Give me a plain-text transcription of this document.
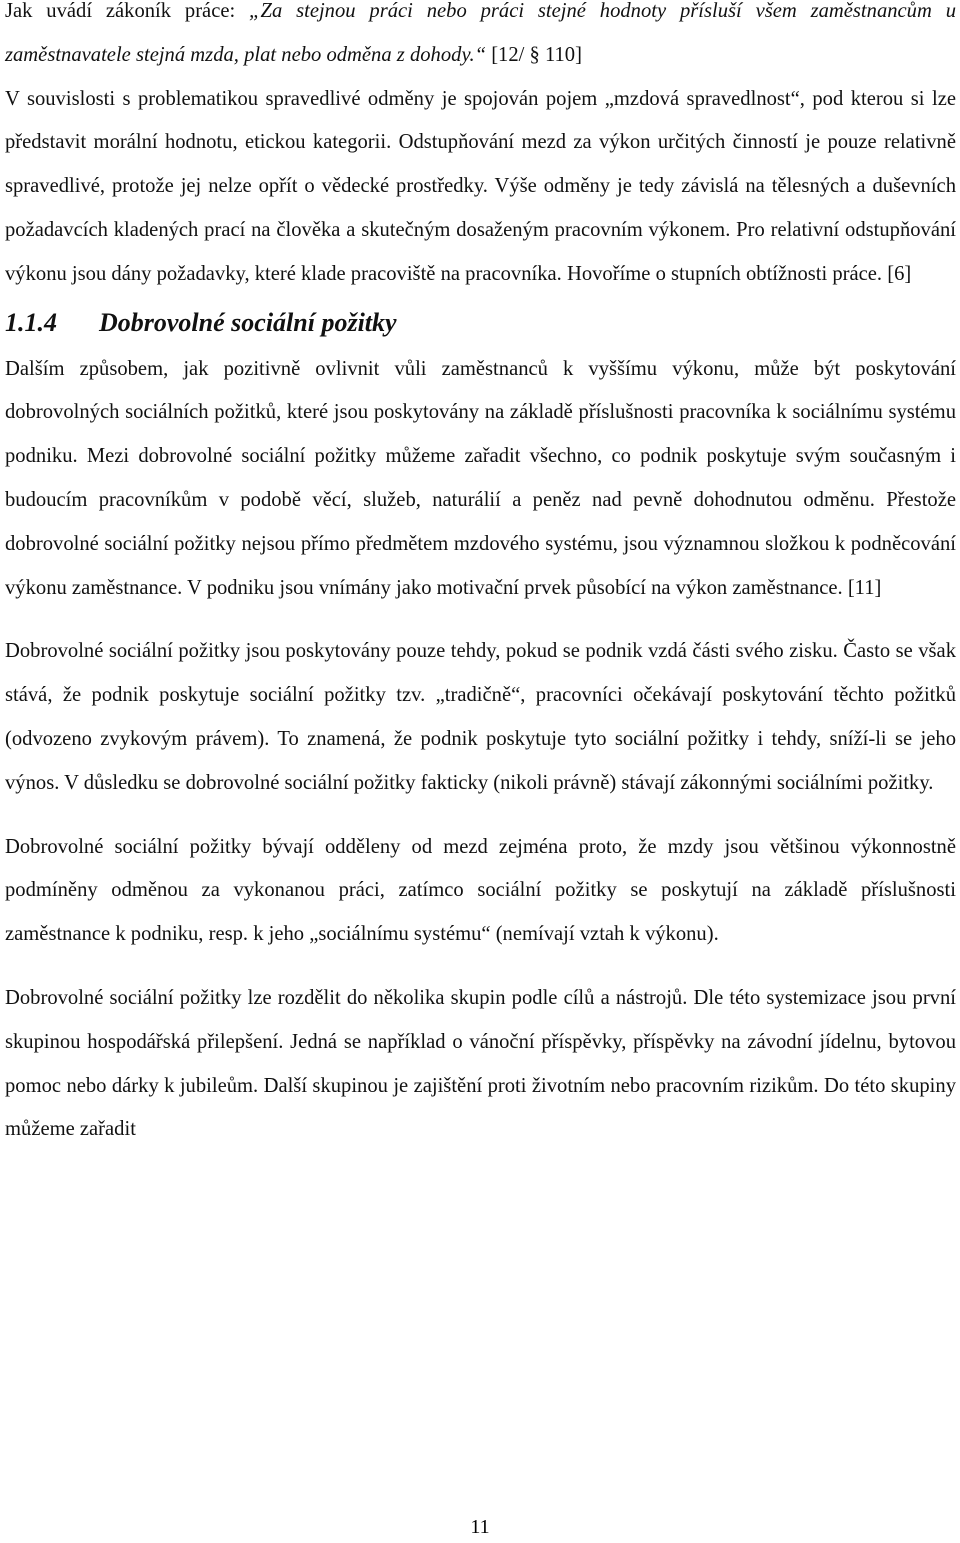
Jak uvádí zákoník práce: „Za stejnou práci nebo práci stejné hodnoty přísluší všem zaměstnancům u zaměstnavatele stejná mzda, plat nebo odměna z dohody.“ [12/ § 110]

V souvislosti s problematikou spravedlivé odměny je spojován pojem „mzdová spravedlnost“, pod kterou si lze představit morální hodnotu, etickou kategorii. Odstupňování mezd za výkon určitých činností je pouze relativně spravedlivé, protože jej nelze opřít o vědecké prostředky. Výše odměny je tedy závislá na tělesných a duševních požadavcích kladených prací na člověka a skutečným dosaženým pracovním výkonem. Pro relativní odstupňování výkonu jsou dány požadavky, které klade pracoviště na pracovníka. Hovoříme o stupních obtížnosti práce. [6]

1.1.4 Dobrovolné sociální požitky

Dalším způsobem, jak pozitivně ovlivnit vůli zaměstnanců k vyššímu výkonu, může být poskytování dobrovolných sociálních požitků, které jsou poskytovány na základě příslušnosti pracovníka k sociálnímu systému podniku. Mezi dobrovolné sociální požitky můžeme zařadit všechno, co podnik poskytuje svým současným i budoucím pracovníkům v podobě věcí, služeb, naturálií a peněz nad pevně dohodnutou odměnu. Přestože dobrovolné sociální požitky nejsou přímo předmětem mzdového systému, jsou významnou složkou k podněcování výkonu zaměstnance. V podniku jsou vnímány jako motivační prvek působící na výkon zaměstnance. [11]

Dobrovolné sociální požitky jsou poskytovány pouze tehdy, pokud se podnik vzdá části svého zisku. Často se však stává, že podnik poskytuje sociální požitky tzv. „tradičně“, pracovníci očekávají poskytování těchto požitků (odvozeno zvykovým právem). To znamená, že podnik poskytuje tyto sociální požitky i tehdy, sníží-li se jeho výnos. V důsledku se dobrovolné sociální požitky fakticky (nikoli právně) stávají zákonnými sociálními požitky.

Dobrovolné sociální požitky bývají odděleny od mezd zejména proto, že mzdy jsou většinou výkonnostně podmíněny odměnou za vykonanou práci, zatímco sociální požitky se poskytují na základě příslušnosti zaměstnance k podniku, resp. k jeho „sociálnímu systému“ (nemívají vztah k výkonu).

Dobrovolné sociální požitky lze rozdělit do několika skupin podle cílů a nástrojů. Dle této systemizace jsou první skupinou hospodářská přilepšení. Jedná se například o vánoční příspěvky, příspěvky na závodní jídelnu, bytovou pomoc nebo dárky k jubileům. Další skupinou je zajištění proti životním nebo pracovním rizikům. Do této skupiny můžeme zařadit

11
